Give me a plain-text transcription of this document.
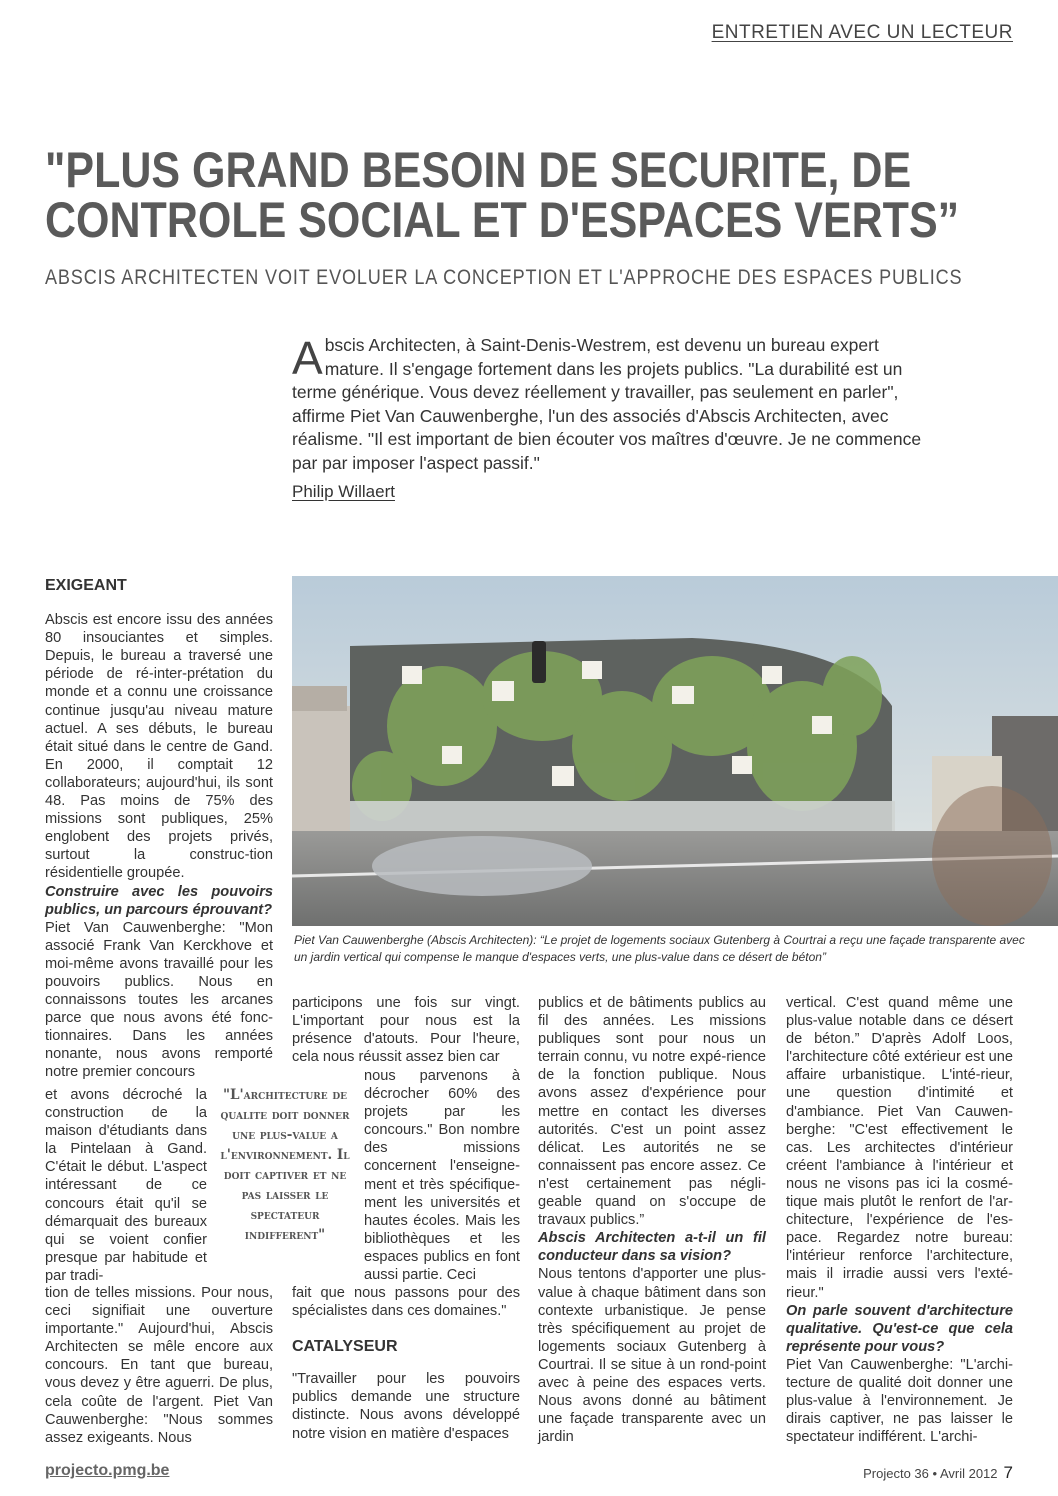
ENTRETIEN AVEC UN LECTEUR
"PLUS GRAND BESOIN DE SECURITE, DE
CONTROLE SOCIAL ET D'ESPACES VERTS”
ABSCIS ARCHITECTEN VOIT EVOLUER LA CONCEPTION ET L'APPROCHE DES ESPACES PUBLICS
Abscis Architecten, à Saint-Denis-Westrem, est devenu un bureau expert mature. Il s'engage fortement dans les projets publics. "La durabilité est un terme générique. Vous devez réellement y travailler, pas seulement en parler", affirme Piet Van Cauwenberghe, l'un des associés d'Abscis Architecten, avec réalisme. "Il est important de bien écouter vos maîtres d'œuvre. Je ne commence par par imposer l'aspect passif."
Philip Willaert
Piet Van Cauwenberghe (Abscis Architecten): “Le projet de logements sociaux Gutenberg à Courtrai a reçu une façade transparente avec un jardin vertical qui compense le manque d'espaces verts, une plus-value dans ce désert de béton”
EXIGEANT

Abscis est encore issu des années 80 insouciantes et simples. Depuis, le bureau a traversé une période de ré-inter-prétation du monde et a connu une croissance continue jusqu'au niveau mature actuel. A ses débuts, le bureau était situé dans le centre de Gand. En 2000, il comptait 12 collaborateurs; aujourd'hui, ils sont 48. Pas moins de 75% des missions sont publiques, 25% englobent des projets privés, surtout la construc-tion résidentielle groupée.

Construire avec les pouvoirs publics, un parcours éprouvant?

Piet Van Cauwenberghe: "Mon associé Frank Van Kerckhove et moi-même avons travaillé pour les pouvoirs publics. Nous en connaissons toutes les arcanes parce que nous avons été fonc-tionnaires. Dans les années nonante, nous avons remporté notre premier concours

et avons décroché la construction de la maison d'étudiants dans la Pintelaan à Gand. C'était le début. L'aspect intéressant de ce concours était qu'il se démarquait des bureaux qui se voient confier presque par habitude et par tradi-

tion de telles missions. Pour nous, ceci signifiait une ouverture importante." Aujourd'hui, Abscis Architecten se mêle encore aux concours. En tant que bureau, vous devez y être aguerri. De plus, cela coûte de l'argent. Piet Van Cauwenberghe: "Nous sommes assez exigeants. Nous

"L'architecture de qualite doit donner une plus-value a l'environnement. Il doit captiver et ne pas laisser le spectateur indifferent"

participons une fois sur vingt. L'important pour nous est la présence d'atouts. Pour l'heure, cela nous réussit assez bien car

nous parvenons à décrocher 60% des projets par les concours." Bon nombre des missions concernent l'enseigne-ment et très spécifique-ment les universités et hautes écoles. Mais les bibliothèques et les espaces publics en font aussi partie. Ceci

fait que nous passons pour des spécialistes dans ces domaines."

CATALYSEUR

"Travailler pour les pouvoirs publics demande une structure distincte. Nous avons développé notre vision en matière d'espaces

publics et de bâtiments publics au fil des années. Les missions publiques sont pour nous un terrain connu, vu notre expé-rience de la fonction publique. Nous avons assez d'expérience pour mettre en contact les diverses autorités. C'est un point assez délicat. Les autorités ne se connaissent pas encore assez. Ce n'est certainement pas négli-geable quand on s'occupe de travaux publics.”

Abscis Architecten a-t-il un fil conducteur dans sa vision?

Nous tentons d'apporter une plus-value à chaque bâtiment dans son contexte urbanistique. Je pense très spécifiquement au projet de logements sociaux Gutenberg à Courtrai. Il se situe à un rond-point avec à peine des espaces verts. Nous avons donné au bâtiment une façade transparente avec un jardin

vertical. C'est quand même une plus-value notable dans ce désert de béton.” D'après Adolf Loos, l'architecture côté extérieur est une affaire urbanistique. L'inté-rieur, une question d'intimité et d'ambiance. Piet Van Cauwen-berghe: "C'est effectivement le cas. Les architectes d'intérieur créent l'ambiance à l'intérieur et nous ne visons pas ici la cosmé-tique mais plutôt le renfort de l'ar-chitecture, l'expérience de l'es-pace. Regardez notre bureau: l'intérieur renforce l'architecture, mais il irradie aussi vers l'exté-rieur."

On parle souvent d'architecture qualitative. Qu'est-ce que cela représente pour vous?

Piet Van Cauwenberghe: "L'archi-tecture de qualité doit donner une plus-value à l'environnement. Je dirais captiver, ne pas laisser le spectateur indifférent. L'archi-

projecto.pmg.be	Projecto 36 • Avril 2012 7
